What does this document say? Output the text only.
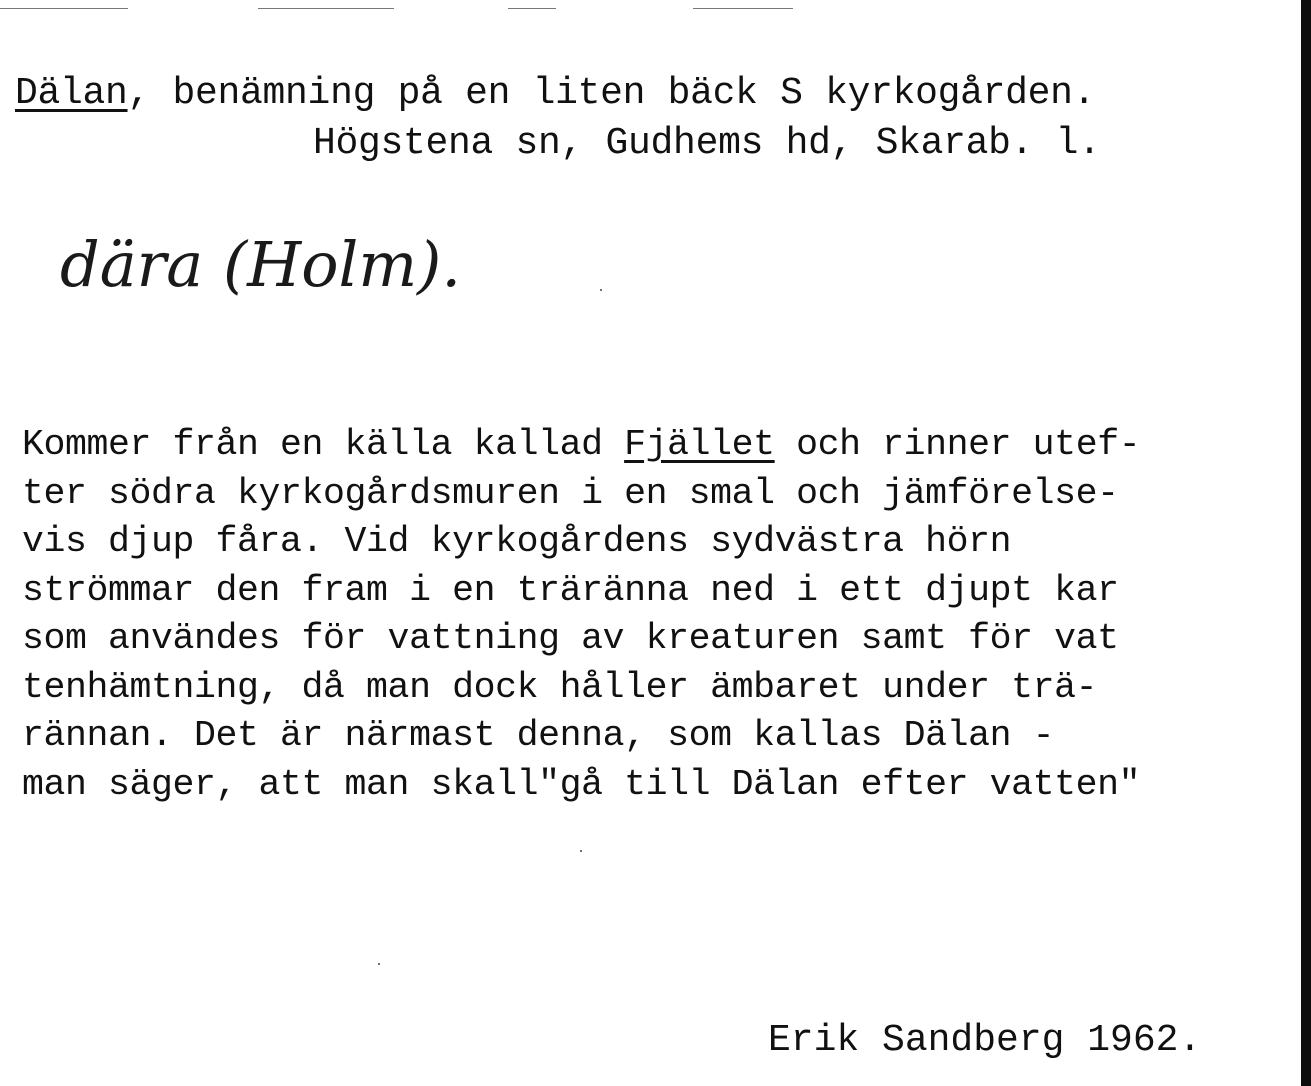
Dälan, benämning på en liten bäck S kyrkogården.
Högstena sn, Gudhems hd, Skarab. l.
dära (Holm).
Kommer från en källa kallad Fjället och rinner utef-
ter södra kyrkogårdsmuren i en smal och jämförelse-
vis djup fåra. Vid kyrkogårdens sydvästra hörn
strömmar den fram i en träränna ned i ett djupt kar
som användes för vattning av kreaturen samt för vat
tenhämtning, då man dock håller ämbaret under trä-
rännan. Det är närmast denna, som kallas Dälan -
man säger, att man skall"gå till Dälan efter vatten"
Erik Sandberg 1962.
